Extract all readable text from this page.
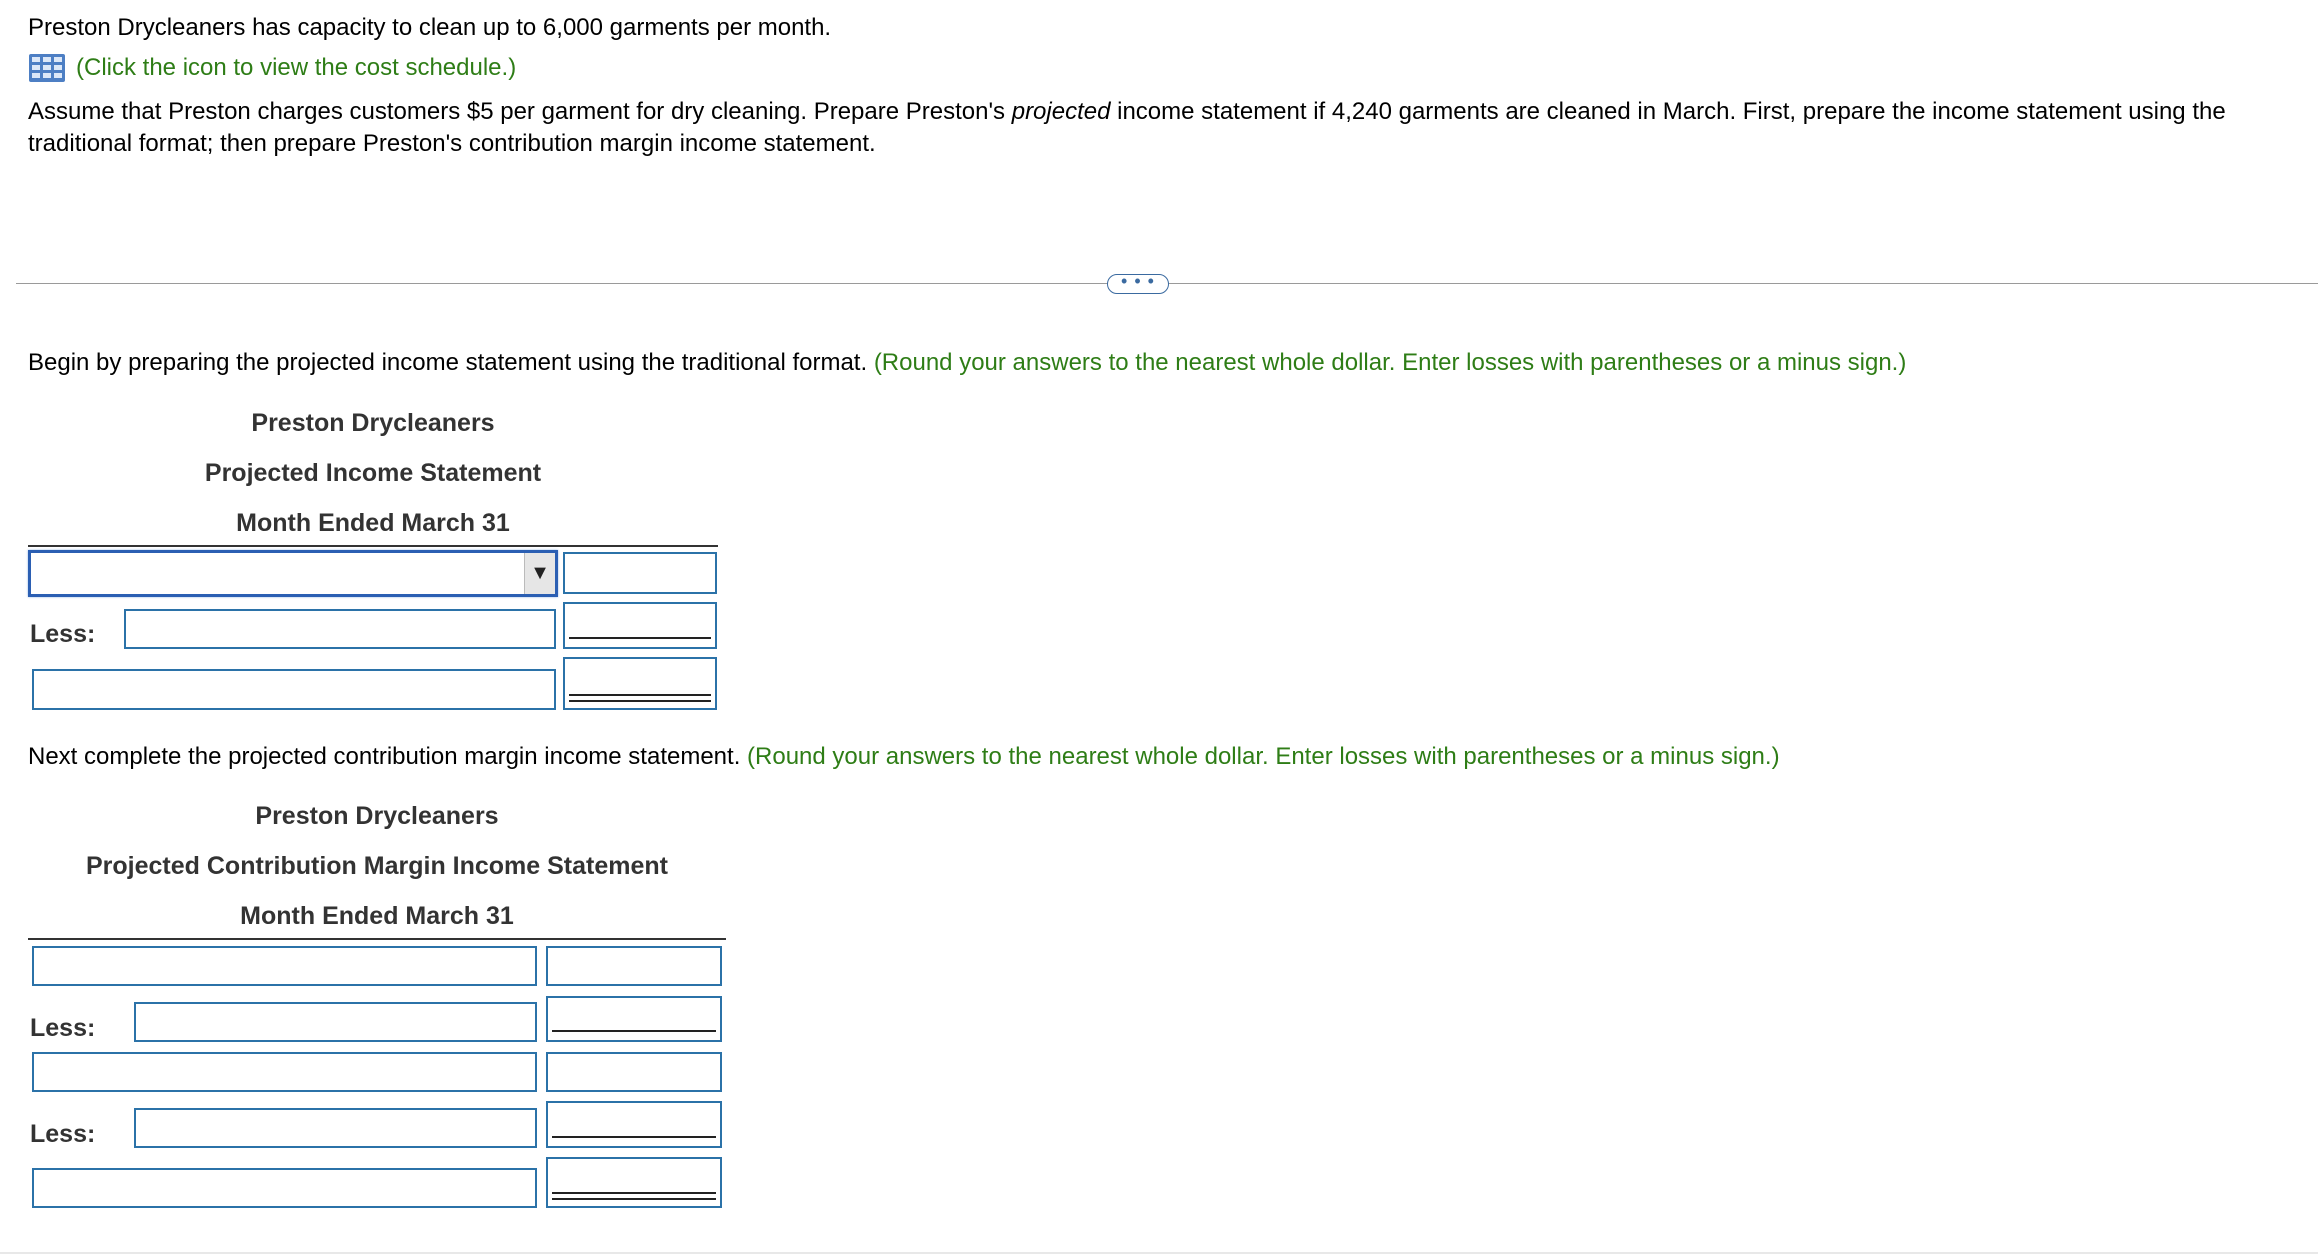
Preston Drycleaners has capacity to clean up to 6,000 garments per month.
(Click the icon to view the cost schedule.)
Assume that Preston charges customers $5 per garment for dry cleaning. Prepare Preston's projected income statement if 4,240 garments are cleaned in March. First, prepare the income statement using the traditional format; then prepare Preston's contribution margin income statement.
• • •
Begin by preparing the projected income statement using the traditional format. (Round your answers to the nearest whole dollar. Enter losses with parentheses or a minus sign.)
Preston Drycleaners
Projected Income Statement
Month Ended March 31
▼
Less:
Next complete the projected contribution margin income statement. (Round your answers to the nearest whole dollar. Enter losses with parentheses or a minus sign.)
Preston Drycleaners
Projected Contribution Margin Income Statement
Month Ended March 31
Less:
Less:
